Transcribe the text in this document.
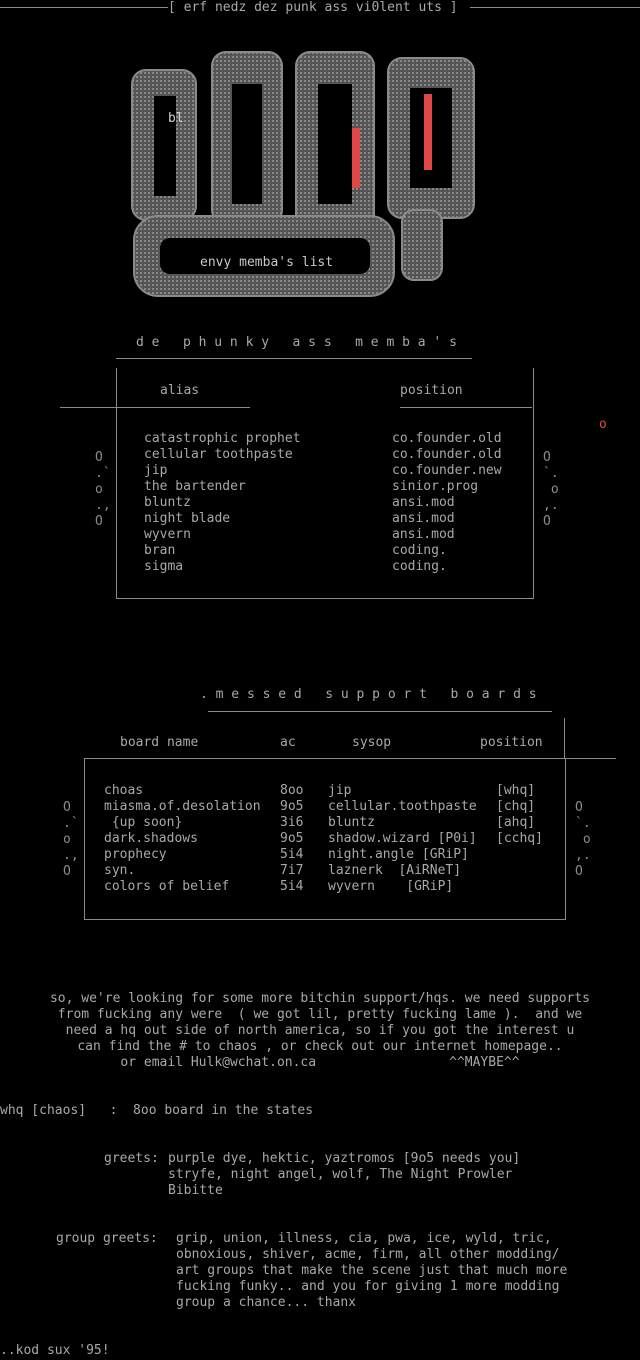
[ erf nedz dez punk ass vi0lent uts ]
bl
envy memba's list
d e   p h u n k y   a s s   m e m b a ' s
alias	position
O
.`
o
.,
O
O
`.
o
,.
O
o
catastrophic prophet	co.founder.old
cellular toothpaste	co.founder.old
jip	co.founder.new
the bartender	sinior.prog
bluntz	ansi.mod
night blade	ansi.mod
wyvern	ansi.mod
bran	coding.
sigma	coding.
. m e s s e d   s u p p o r t   b o a r d s
board name	ac	sysop	position
O
.`
o
.,
O
O
`.
o
,.
O
choas	8oo jip	[whq]
miasma.of.desolation 9o5 cellular.toothpaste [chq]
{up soon}	3i6 bluntz	[ahq]
dark.shadows	9o5 shadow.wizard [P0i] [cchq]
prophecy	5i4 night.angle [GRiP]
syn.	7i7 laznerk  [AiRNeT]
colors of belief	5i4 wyvern    [GRiP]
so, we're looking for some more bitchin support/hqs. we need supports
from fucking any were  ( we got lil, pretty fucking lame ).  and we
need a hq out side of north america, so if you got the interest u
can find the # to chaos , or check out our internet homepage..
or email Hulk@wchat.on.ca                 ^^MAYBE^^
whq [chaos]   :  8oo board in the states
greets: purple dye, hektic, yaztromos [9o5 needs you]
stryfe, night angel, wolf, The Night Prowler
Bibitte
group greets: grip, union, illness, cia, pwa, ice, wyld, tric,
obnoxious, shiver, acme, firm, all other modding/
art groups that make the scene just that much more
fucking funky.. and you for giving 1 more modding
group a chance... thanx
..kod sux '95!
